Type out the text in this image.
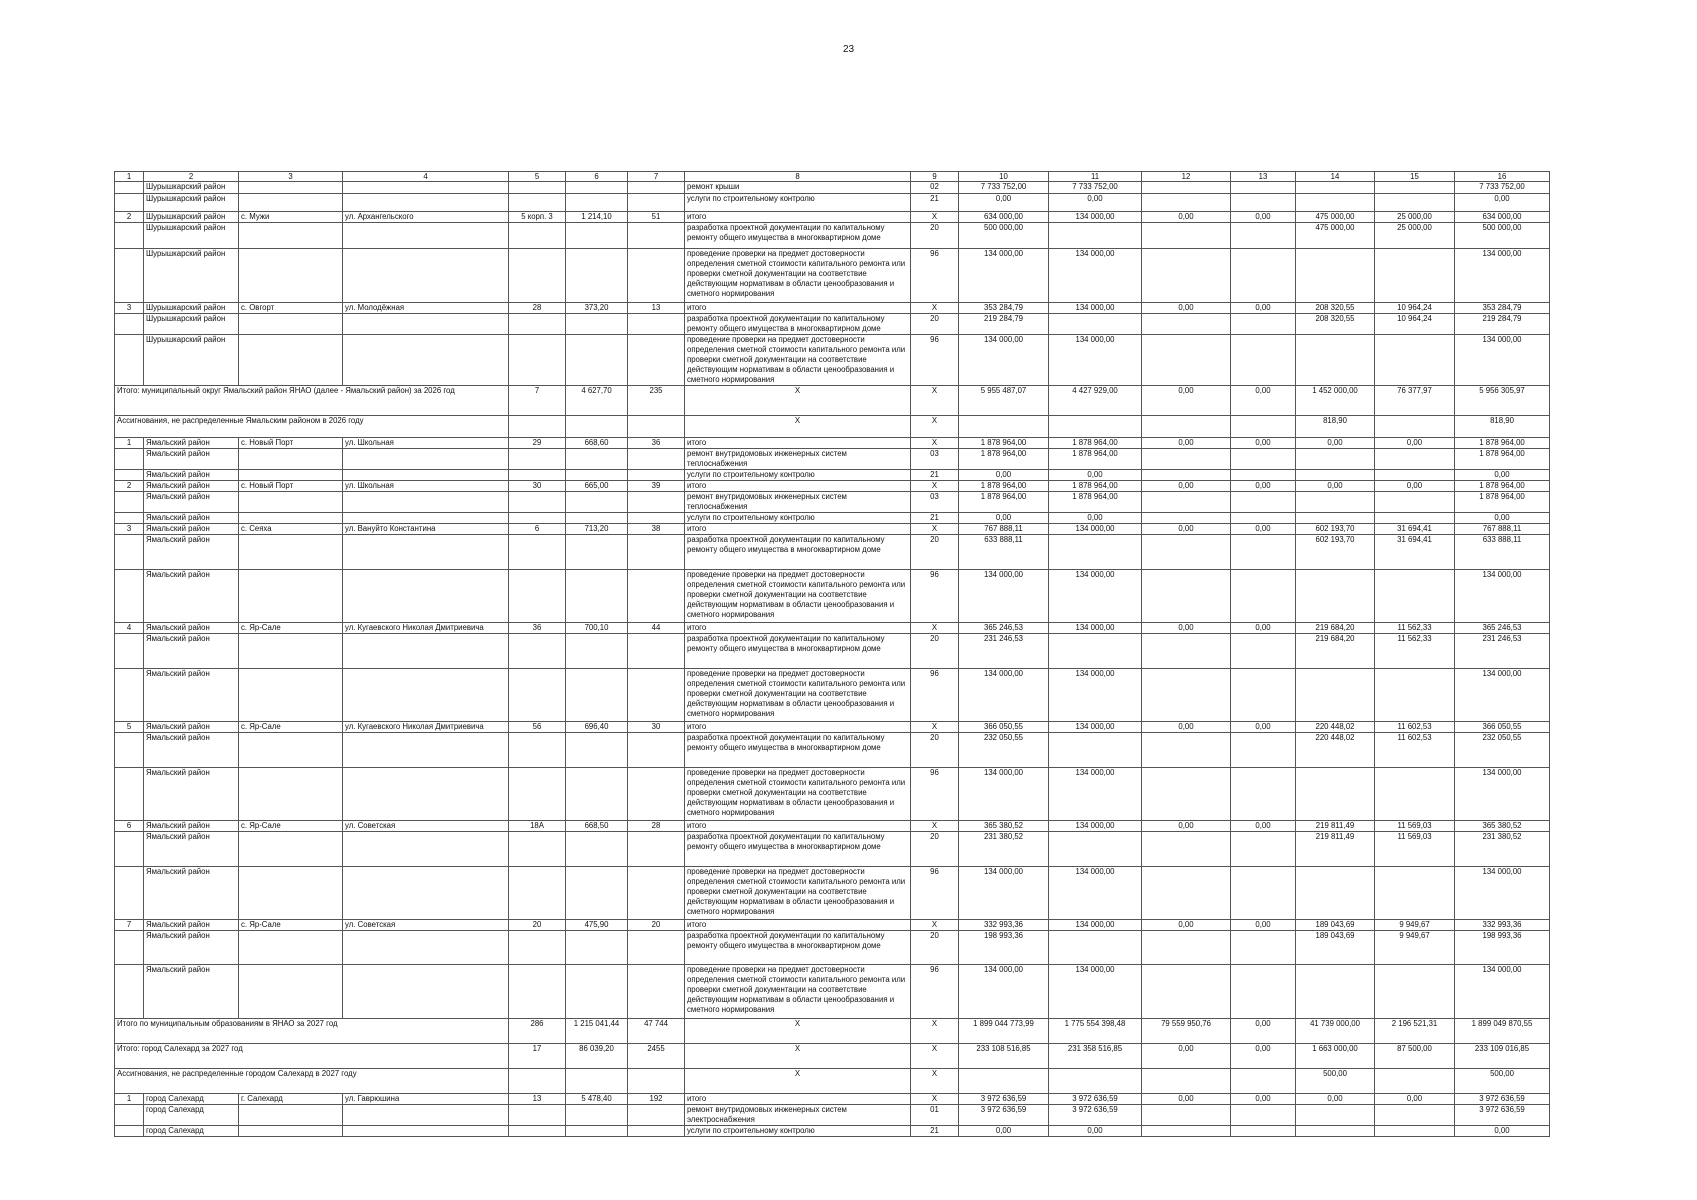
23
1	2	3	4	5	6	7	8	9	10	11	12	13	14	15	16
	Шурышкарский район						ремонт крыши	02	7 733 752,00	7 733 752,00					7 733 752,00
	Шурышкарский район						услуги по строительному контролю	21	0,00	0,00					0,00
2	Шурышкарский район	с. Мужи	ул. Архангельского	5 корп. 3	1 214,10	51	итого	X	634 000,00	134 000,00	0,00	0,00	475 000,00	25 000,00	634 000,00
	Шурышкарский район						разработка проектной документации по капитальному ремонту общего имущества в многоквартирном доме	20	500 000,00				475 000,00	25 000,00	500 000,00
	Шурышкарский район						проведение проверки на предмет достоверности определения сметной стоимости капитального ремонта или проверки сметной документации на соответствие действующим нормативам в области ценообразования и сметного нормирования	96	134 000,00	134 000,00					134 000,00
3	Шурышкарский район	с. Овгорт	ул. Молодёжная	28	373,20	13	итого	X	353 284,79	134 000,00	0,00	0,00	208 320,55	10 964,24	353 284,79
	Шурышкарский район						разработка проектной документации по капитальному ремонту общего имущества в многоквартирном доме	20	219 284,79				208 320,55	10 964,24	219 284,79
	Шурышкарский район						проведение проверки на предмет достоверности определения сметной стоимости капитального ремонта или проверки сметной документации на соответствие действующим нормативам в области ценообразования и сметного нормирования	96	134 000,00	134 000,00					134 000,00
Итого: муниципальный округ Ямальский район ЯНАО (далее - Ямальский район) за 2026 год				7	4 627,70	235	X	X	5 955 487,07	4 427 929,00	0,00	0,00	1 452 000,00	76 377,97	5 956 305,97
Ассигнования, не распределенные Ямальским районом в 2026 году							X	X					818,90		818,90
1	Ямальский район	с. Новый Порт	ул. Школьная	29	668,60	36	итого	X	1 878 964,00	1 878 964,00	0,00	0,00	0,00	0,00	1 878 964,00
	Ямальский район						ремонт внутридомовых инженерных систем теплоснабжения	03	1 878 964,00	1 878 964,00					1 878 964,00
	Ямальский район						услуги по строительному контролю	21	0,00	0,00					0,00
2	Ямальский район	с. Новый Порт	ул. Школьная	30	665,00	39	итого	X	1 878 964,00	1 878 964,00	0,00	0,00	0,00	0,00	1 878 964,00
	Ямальский район						ремонт внутридомовых инженерных систем теплоснабжения	03	1 878 964,00	1 878 964,00					1 878 964,00
	Ямальский район						услуги по строительному контролю	21	0,00	0,00					0,00
3	Ямальский район	с. Сеяха	ул. Вануйто Константина	6	713,20	38	итого	X	767 888,11	134 000,00	0,00	0,00	602 193,70	31 694,41	767 888,11
	Ямальский район						разработка проектной документации по капитальному ремонту общего имущества в многоквартирном доме	20	633 888,11				602 193,70	31 694,41	633 888,11
	Ямальский район						проведение проверки на предмет достоверности определения сметной стоимости капитального ремонта или проверки сметной документации на соответствие действующим нормативам в области ценообразования и сметного нормирования	96	134 000,00	134 000,00					134 000,00
4	Ямальский район	с. Яр-Сале	ул. Кугаевского Николая Дмитриевича	36	700,10	44	итого	X	365 246,53	134 000,00	0,00	0,00	219 684,20	11 562,33	365 246,53
	Ямальский район						разработка проектной документации по капитальному ремонту общего имущества в многоквартирном доме	20	231 246,53				219 684,20	11 562,33	231 246,53
	Ямальский район						проведение проверки на предмет достоверности определения сметной стоимости капитального ремонта или проверки сметной документации на соответствие действующим нормативам в области ценообразования и сметного нормирования	96	134 000,00	134 000,00					134 000,00
5	Ямальский район	с. Яр-Сале	ул. Кугаевского Николая Дмитриевича	56	696,40	30	итого	X	366 050,55	134 000,00	0,00	0,00	220 448,02	11 602,53	366 050,55
	Ямальский район						разработка проектной документации по капитальному ремонту общего имущества в многоквартирном доме	20	232 050,55				220 448,02	11 602,53	232 050,55
	Ямальский район						проведение проверки на предмет достоверности определения сметной стоимости капитального ремонта или проверки сметной документации на соответствие действующим нормативам в области ценообразования и сметного нормирования	96	134 000,00	134 000,00					134 000,00
6	Ямальский район	с. Яр-Сале	ул. Советская	18А	668,50	28	итого	X	365 380,52	134 000,00	0,00	0,00	219 811,49	11 569,03	365 380,52
	Ямальский район						разработка проектной документации по капитальному ремонту общего имущества в многоквартирном доме	20	231 380,52				219 811,49	11 569,03	231 380,52
	Ямальский район						проведение проверки на предмет достоверности определения сметной стоимости капитального ремонта или проверки сметной документации на соответствие действующим нормативам в области ценообразования и сметного нормирования	96	134 000,00	134 000,00					134 000,00
7	Ямальский район	с. Яр-Сале	ул. Советская	20	475,90	20	итого	X	332 993,36	134 000,00	0,00	0,00	189 043,69	9 949,67	332 993,36
	Ямальский район						разработка проектной документации по капитальному ремонту общего имущества в многоквартирном доме	20	198 993,36				189 043,69	9 949,67	198 993,36
	Ямальский район						проведение проверки на предмет достоверности определения сметной стоимости капитального ремонта или проверки сметной документации на соответствие действующим нормативам в области ценообразования и сметного нормирования	96	134 000,00	134 000,00					134 000,00
Итого по муниципальным образованиям в ЯНАО за 2027 год				286	1 215 041,44	47 744	X	X	1 899 044 773,99	1 775 554 398,48	79 559 950,76	0,00	41 739 000,00	2 196 521,31	1 899 049 870,55
Итого: город Салехард за 2027 год				17	86 039,20	2455	X	X	233 108 516,85	231 358 516,85	0,00	0,00	1 663 000,00	87 500,00	233 109 016,85
Ассигнования, не распределенные городом Салехард в 2027 году							X	X					500,00		500,00
1	город Салехард	г. Салехард	ул. Гаврюшина	13	5 478,40	192	итого	X	3 972 636,59	3 972 636,59	0,00	0,00	0,00	0,00	3 972 636,59
	город Салехард						ремонт внутридомовых инженерных систем электроснабжения	01	3 972 636,59	3 972 636,59					3 972 636,59
	город Салехард						услуги по строительному контролю	21	0,00	0,00					0,00
